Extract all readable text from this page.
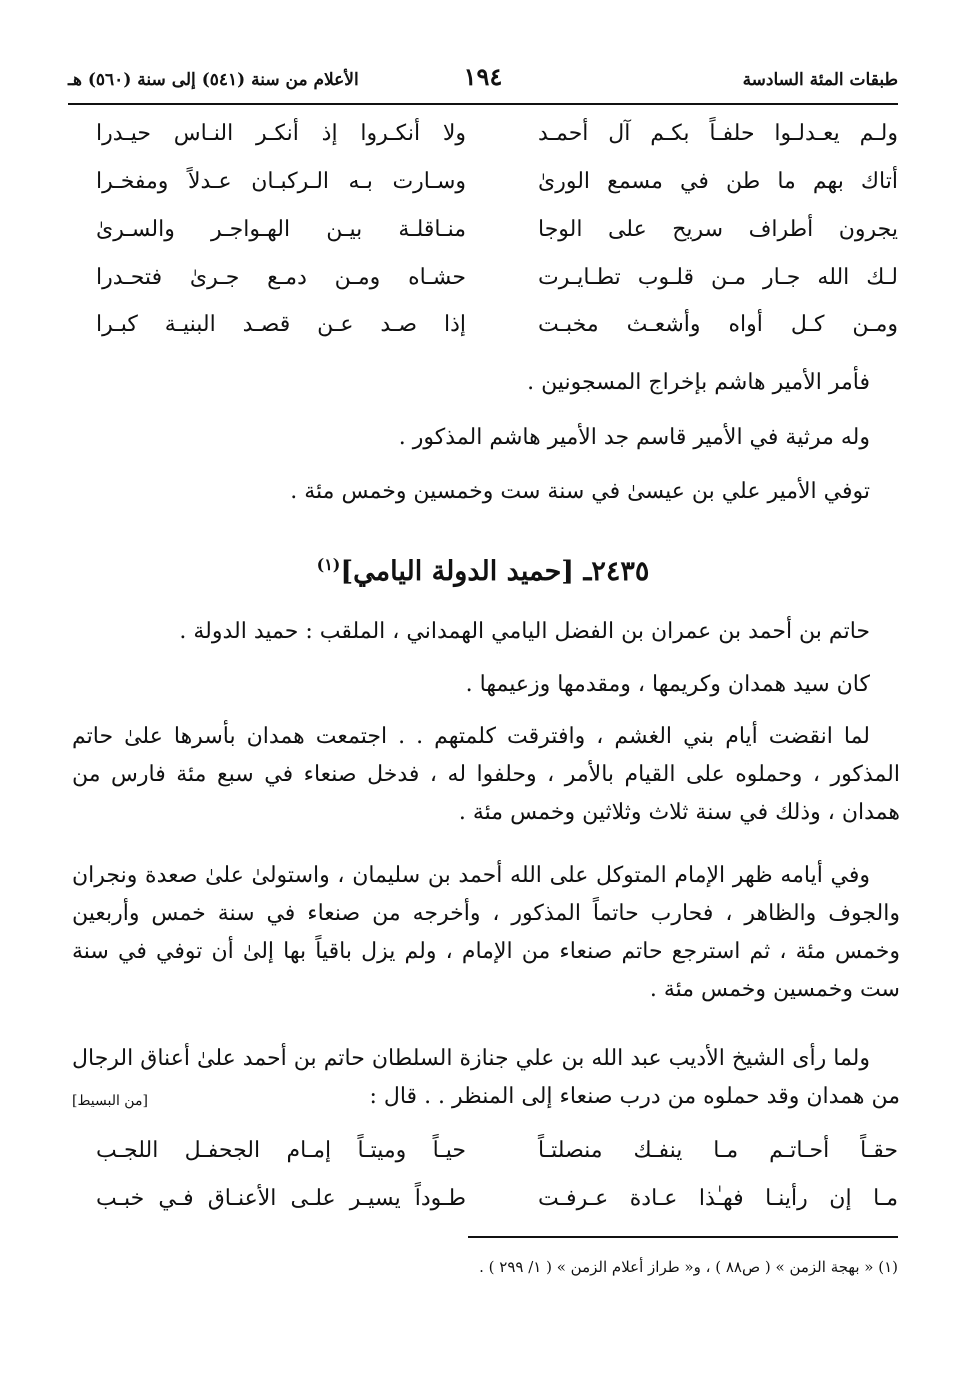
طبقات المئة السادسة
١٩٤
الأعلام من سنة (٥٤١) إلى سنة (٥٦٠) هـ
ولـم يعـدلـوا حلفـاً بكـم آل أحمـد
ولا أنكـروا إذ أنكـر النـاس حيـدرا
أتاك بهم ما طن في مسمع الورىٰ
وسـارت بـه الـركبـان عـدلاً ومفخـرا
يجرون أطراف سريح على الوجا
منـاقلـة بيـن الهـواجـر والسـرىٰ
لـك الله جـار مـن قلـوب تطـايـرت
حشـاه ومـن دمـع جـرىٰ فتحـدرا
ومـن كـل أواه وأشعـث مخبـت
إذا صـد عـن قصـد البنيـة كبـرا
فأمر الأمير هاشم بإخراج المسجونين .
وله مرثية في الأمير قاسم جد الأمير هاشم المذكور .
توفي الأمير علي بن عيسىٰ في سنة ست وخمسين وخمس مئة .
٢٤٣٥ـ [حميد الدولة اليامي]$^{(١)}$
حاتم بن أحمد بن عمران بن الفضل اليامي الهمداني ، الملقب : حميد الدولة .
كان سيد همدان وكريمها ، ومقدمها وزعيمها .
لما انقضت أيام بني الغشم ، وافترقت كلمتهم . . اجتمعت همدان بأسرها علىٰ حاتم المذكور ، وحملوه على القيام بالأمر ، وحلفوا له ، فدخل صنعاء في سبع مئة فارس من همدان ، وذلك في سنة ثلاث وثلاثين وخمس مئة .
وفي أيامه ظهر الإمام المتوكل على الله أحمد بن سليمان ، واستولىٰ علىٰ صعدة ونجران والجوف والظاهر ، فحارب حاتماً المذكور ، وأخرجه من صنعاء في سنة خمس وأربعين وخمس مئة ، ثم استرجع حاتم صنعاء من الإمام ، ولم يزل باقياً بها إلىٰ أن توفي في سنة ست وخمسين وخمس مئة .
ولما رأى الشيخ الأديب عبد الله بن علي جنازة السلطان حاتم بن أحمد علىٰ أعناق الرجال من همدان وقد حملوه من درب صنعاء إلى المنظر . . قال :
[من البسيط]
حقـاً أحـاتـم مـا ينفـك منصلتـاً
حيـاً وميتـاً إمـام الجحفـل اللجـب
مـا إن رأينـا فهـٰذا عـادة عـرفـت
طـوداً يسيـر علـى الأعنـاق فـي خبـب
(١) « بهجة الزمن » ( ص٨٨ ) ، و« طراز أعلام الزمن » ( ١/ ٢٩٩ ) .
